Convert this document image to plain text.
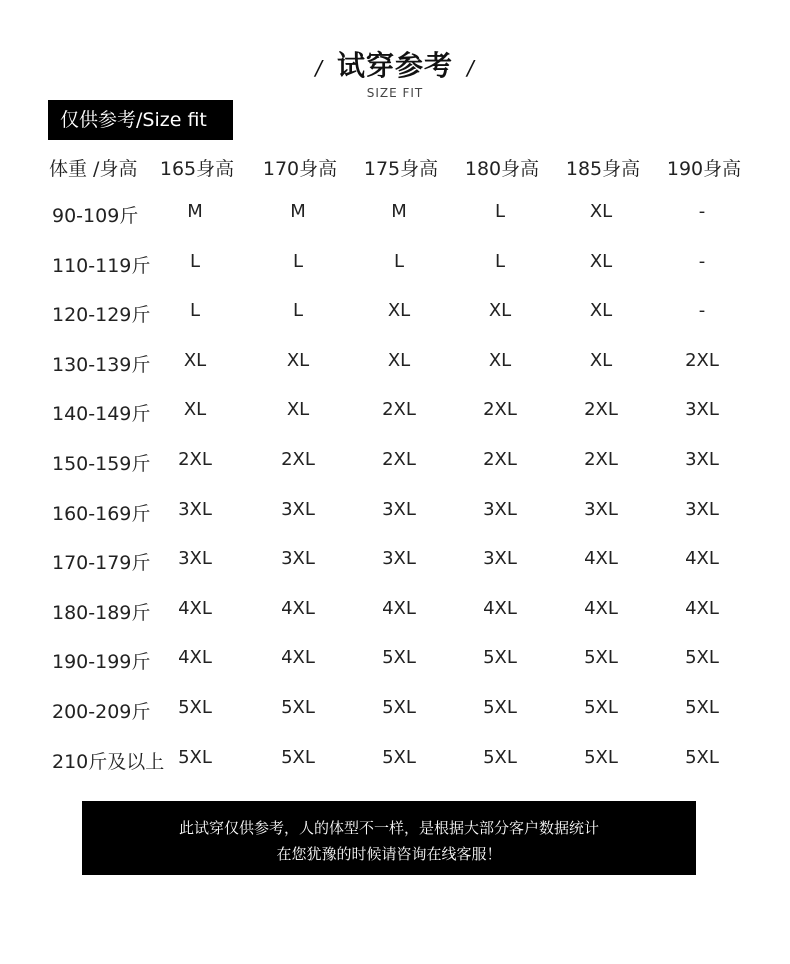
/ 试穿参考 /
SIZE FIT
仅供参考/Size fit
体重 /身高 165身高 170身高 175身高 180身高 185身高 190身高
90-109斤	M	M	M	L	XL	-
110-119斤	L	L	L	L	XL	-
120-129斤	L	L	XL	XL	XL	-
130-139斤	XL	XL	XL	XL	XL	2XL
140-149斤	XL	XL	2XL	2XL	2XL	3XL
150-159斤	2XL	2XL	2XL	2XL	2XL	3XL
160-169斤	3XL	3XL	3XL	3XL	3XL	3XL
170-179斤	3XL	3XL	3XL	3XL	4XL	4XL
180-189斤	4XL	4XL	4XL	4XL	4XL	4XL
190-199斤	4XL	4XL	5XL	5XL	5XL	5XL
200-209斤	5XL	5XL	5XL	5XL	5XL	5XL
210斤及以上 5XL	5XL	5XL	5XL	5XL	5XL
此试穿仅供参考，人的体型不一样，是根据大部分客户数据统计
在您犹豫的时候请咨询在线客服！
